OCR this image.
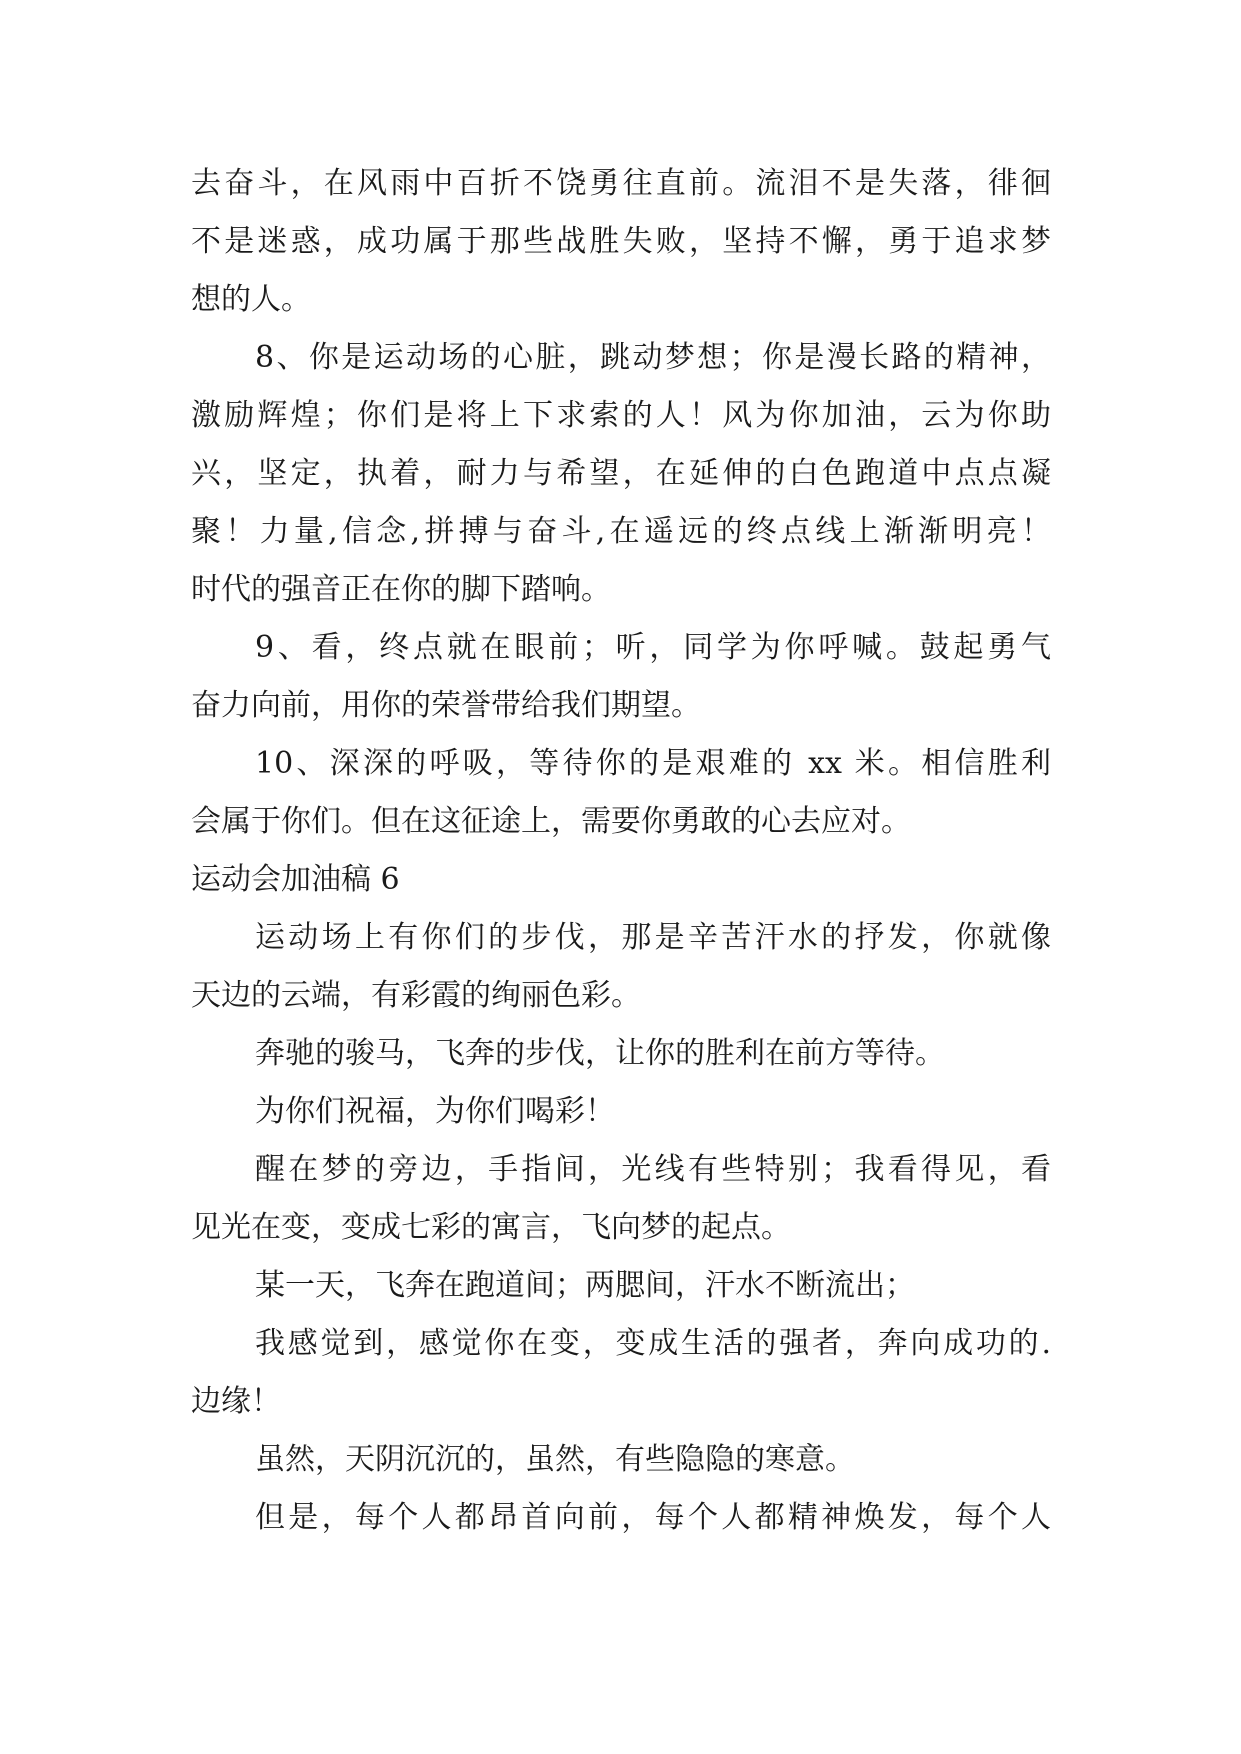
去奋斗，在风雨中百折不饶勇往直前。流泪不是失落，徘徊
不是迷惑，成功属于那些战胜失败，坚持不懈，勇于追求梦
想的人。
8、你是运动场的心脏，跳动梦想；你是漫长路的精神，
激励辉煌；你们是将上下求索的人！风为你加油，云为你助
兴，坚定，执着，耐力与希望，在延伸的白色跑道中点点凝
聚！力量,信念,拼搏与奋斗,在遥远的终点线上渐渐明亮！
时代的强音正在你的脚下踏响。
9、看，终点就在眼前；听，同学为你呼喊。鼓起勇气
奋力向前，用你的荣誉带给我们期望。
10、深深的呼吸，等待你的是艰难的 xx 米。相信胜利
会属于你们。但在这征途上，需要你勇敢的心去应对。
运动会加油稿 6
运动场上有你们的步伐，那是辛苦汗水的抒发，你就像
天边的云端，有彩霞的绚丽色彩。
奔驰的骏马，飞奔的步伐，让你的胜利在前方等待。
为你们祝福，为你们喝彩！
醒在梦的旁边，手指间，光线有些特别；我看得见，看
见光在变，变成七彩的寓言，飞向梦的起点。
某一天，飞奔在跑道间；两腮间，汗水不断流出；
我感觉到，感觉你在变，变成生活的强者，奔向成功的.
边缘！
虽然，天阴沉沉的，虽然，有些隐隐的寒意。
但是，每个人都昂首向前，每个人都精神焕发，每个人
